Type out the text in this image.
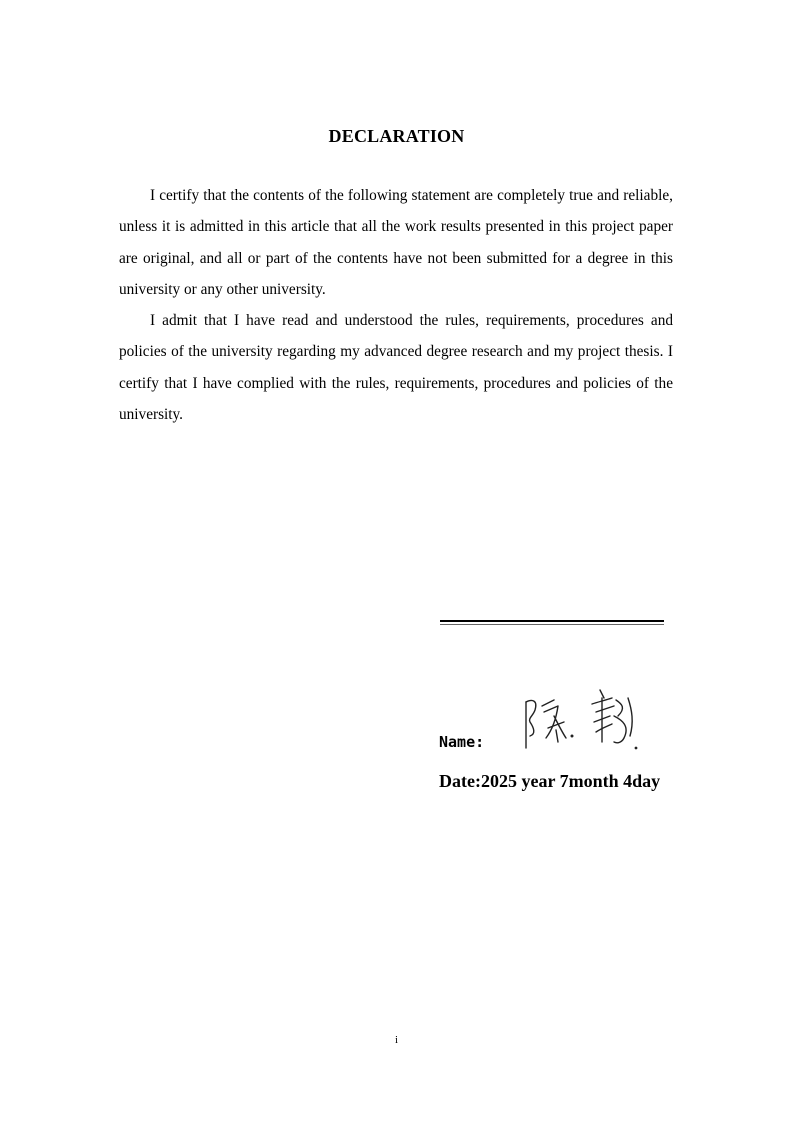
DECLARATION

I certify that the contents of the following statement are completely true and reliable, unless it is admitted in this article that all the work results presented in this project paper are original, and all or part of the contents have not been submitted for a degree in this university or any other university.

I admit that I have read and understood the rules, requirements, procedures and policies of the university regarding my advanced degree research and my project thesis. I certify that I have complied with the rules, requirements, procedures and policies of the university.

Name:
Date:2025 year 7month 4day
i
